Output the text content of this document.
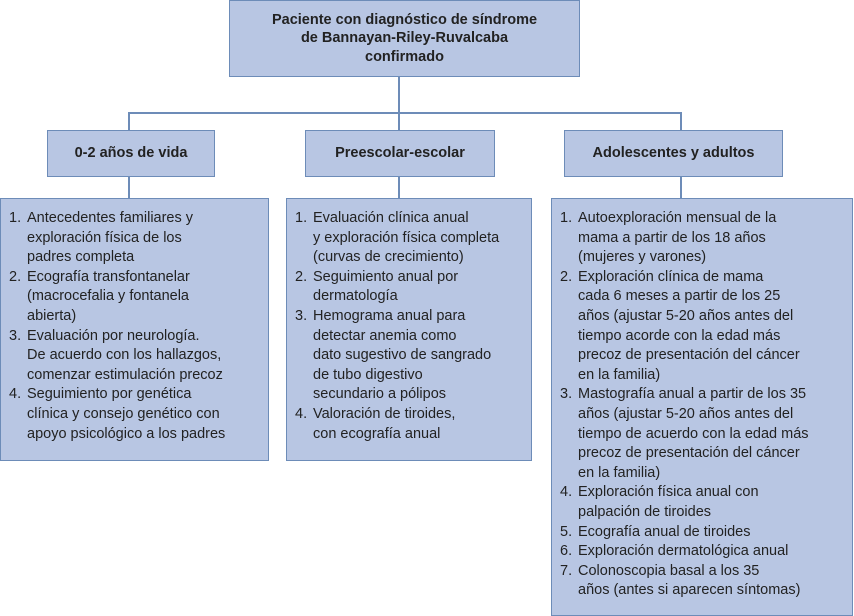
Paciente con diagnóstico de síndrome
de Bannayan-Riley-Ruvalcaba
confirmado
0-2 años de vida	Preescolar-escolar	Adolescentes y adultos
1. Antecedentes familiares y
exploración física de los
padres completa
2. Ecografía transfontanelar
(macrocefalia y fontanela
abierta)
3. Evaluación por neurología.
De acuerdo con los hallazgos,
comenzar estimulación precoz
4. Seguimiento por genética
clínica y consejo genético con
apoyo psicológico a los padres
1. Evaluación clínica anual
y exploración física completa
(curvas de crecimiento)
2. Seguimiento anual por
dermatología
3. Hemograma anual para
detectar anemia como
dato sugestivo de sangrado
de tubo digestivo
secundario a pólipos
4. Valoración de tiroides,
con ecografía anual
1. Autoexploración mensual de la
mama a partir de los 18 años
(mujeres y varones)
2. Exploración clínica de mama
cada 6 meses a partir de los 25
años (ajustar 5-20 años antes del
tiempo acorde con la edad más
precoz de presentación del cáncer
en la familia)
3. Mastografía anual a partir de los 35
años (ajustar 5-20 años antes del
tiempo de acuerdo con la edad más
precoz de presentación del cáncer
en la familia)
4. Exploración física anual con
palpación de tiroides
5. Ecografía anual de tiroides
6. Exploración dermatológica anual
7. Colonoscopia basal a los 35
años (antes si aparecen síntomas)
